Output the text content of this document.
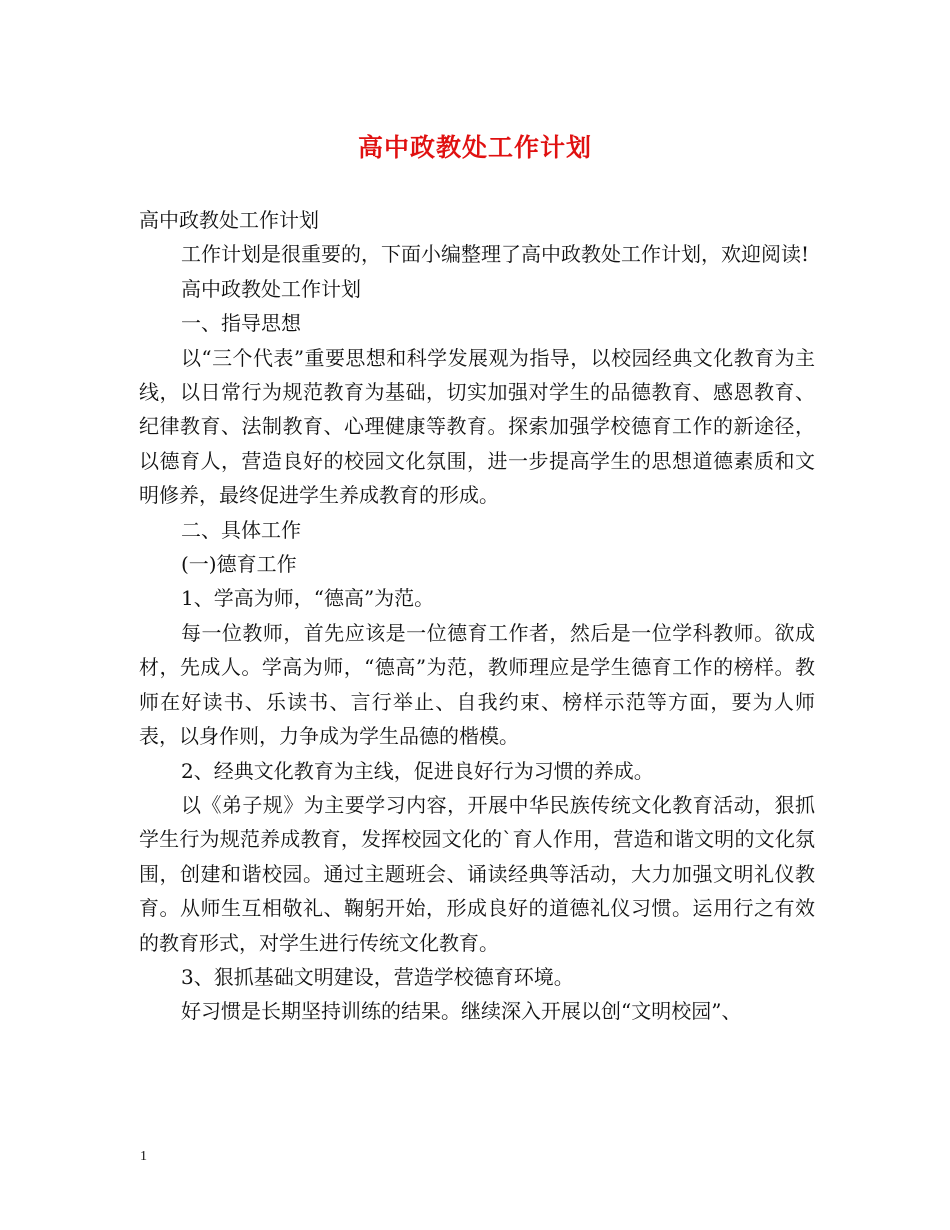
高中政教处工作计划

高中政教处工作计划

工作计划是很重要的，下面小编整理了高中政教处工作计划，欢迎阅读!

高中政教处工作计划

一、指导思想

以“三个代表”重要思想和科学发展观为指导，以校园经典文化教育为主线，以日常行为规范教育为基础，切实加强对学生的品德教育、感恩教育、纪律教育、法制教育、心理健康等教育。探索加强学校德育工作的新途径，以德育人，营造良好的校园文化氛围，进一步提高学生的思想道德素质和文明修养，最终促进学生养成教育的形成。

二、具体工作

(一)德育工作

1、学高为师，“德高”为范。

每一位教师，首先应该是一位德育工作者，然后是一位学科教师。欲成材，先成人。学高为师，“德高”为范，教师理应是学生德育工作的榜样。教师在好读书、乐读书、言行举止、自我约束、榜样示范等方面，要为人师表，以身作则，力争成为学生品德的楷模。

2、经典文化教育为主线，促进良好行为习惯的养成。

以《弟子规》为主要学习内容，开展中华民族传统文化教育活动，狠抓学生行为规范养成教育，发挥校园文化的`育人作用，营造和谐文明的文化氛围，创建和谐校园。通过主题班会、诵读经典等活动，大力加强文明礼仪教育。从师生互相敬礼、鞠躬开始，形成良好的道德礼仪习惯。运用行之有效的教育形式，对学生进行传统文化教育。

3、狠抓基础文明建设，营造学校德育环境。

好习惯是长期坚持训练的结果。继续深入开展以创“文明校园”、

1
